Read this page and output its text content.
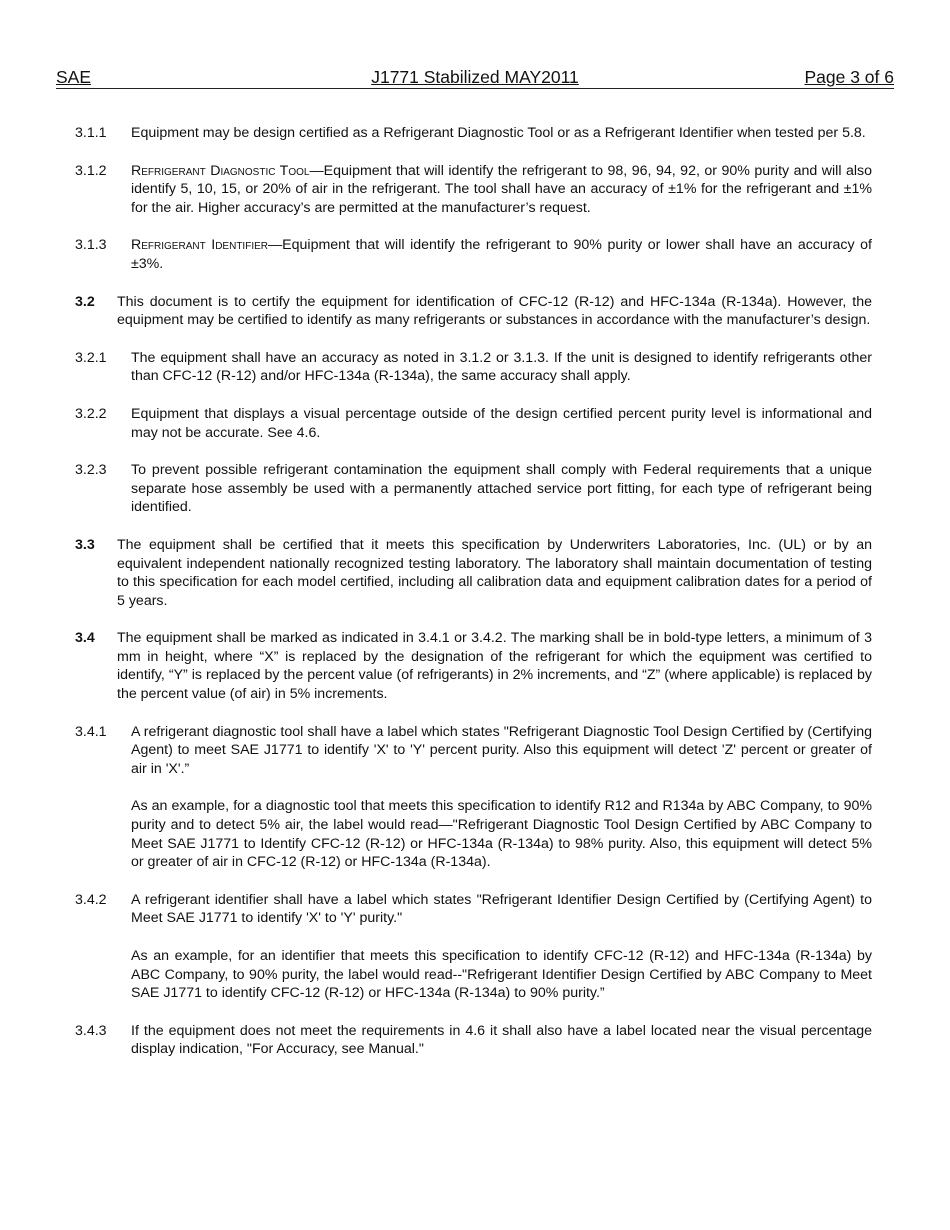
SAE	J1771 Stabilized MAY2011	Page 3 of 6
3.1.1	Equipment may be design certified as a Refrigerant Diagnostic Tool or as a Refrigerant Identifier when tested per 5.8.
3.1.2	Refrigerant Diagnostic Tool—Equipment that will identify the refrigerant to 98, 96, 94, 92, or 90% purity and will also identify 5, 10, 15, or 20% of air in the refrigerant. The tool shall have an accuracy of ±1% for the refrigerant and ±1% for the air. Higher accuracy’s are permitted at the manufacturer’s request.
3.1.3	Refrigerant Identifier—Equipment that will identify the refrigerant to 90% purity or lower shall have an accuracy of ±3%.
3.2	This document is to certify the equipment for identification of CFC-12 (R-12) and HFC-134a (R-134a). However, the equipment may be certified to identify as many refrigerants or substances in accordance with the manufacturer’s design.
3.2.1	The equipment shall have an accuracy as noted in 3.1.2 or 3.1.3. If the unit is designed to identify refrigerants other than CFC-12 (R-12) and/or HFC-134a (R-134a), the same accuracy shall apply.
3.2.2	Equipment that displays a visual percentage outside of the design certified percent purity level is informational and may not be accurate. See 4.6.
3.2.3	To prevent possible refrigerant contamination the equipment shall comply with Federal requirements that a unique separate hose assembly be used with a permanently attached service port fitting, for each type of refrigerant being identified.
3.3	The equipment shall be certified that it meets this specification by Underwriters Laboratories, Inc. (UL) or by an equivalent independent nationally recognized testing laboratory. The laboratory shall maintain documentation of testing to this specification for each model certified, including all calibration data and equipment calibration dates for a period of 5 years.
3.4	The equipment shall be marked as indicated in 3.4.1 or 3.4.2. The marking shall be in bold-type letters, a minimum of 3 mm in height, where “X” is replaced by the designation of the refrigerant for which the equipment was certified to identify, “Y” is replaced by the percent value (of refrigerants) in 2% increments, and “Z” (where applicable) is replaced by the percent value (of air) in 5% increments.
3.4.1	A refrigerant diagnostic tool shall have a label which states "Refrigerant Diagnostic Tool Design Certified by (Certifying Agent) to meet SAE J1771 to identify 'X' to 'Y' percent purity. Also this equipment will detect 'Z' percent or greater of air in 'X'.”
As an example, for a diagnostic tool that meets this specification to identify R12 and R134a by ABC Company, to 90% purity and to detect 5% air, the label would read—"Refrigerant Diagnostic Tool Design Certified by ABC Company to Meet SAE J1771 to Identify CFC-12 (R-12) or HFC-134a (R-134a) to 98% purity. Also, this equipment will detect 5% or greater of air in CFC-12 (R-12) or HFC-134a (R-134a).
3.4.2	A refrigerant identifier shall have a label which states "Refrigerant Identifier Design Certified by (Certifying Agent) to Meet SAE J1771 to identify 'X' to 'Y' purity."
As an example, for an identifier that meets this specification to identify CFC-12 (R-12) and HFC-134a (R-134a) by ABC Company, to 90% purity, the label would read--"Refrigerant Identifier Design Certified by ABC Company to Meet SAE J1771 to identify CFC-12 (R-12) or HFC-134a (R-134a) to 90% purity.”
3.4.3	If the equipment does not meet the requirements in 4.6 it shall also have a label located near the visual percentage display indication, "For Accuracy, see Manual."
